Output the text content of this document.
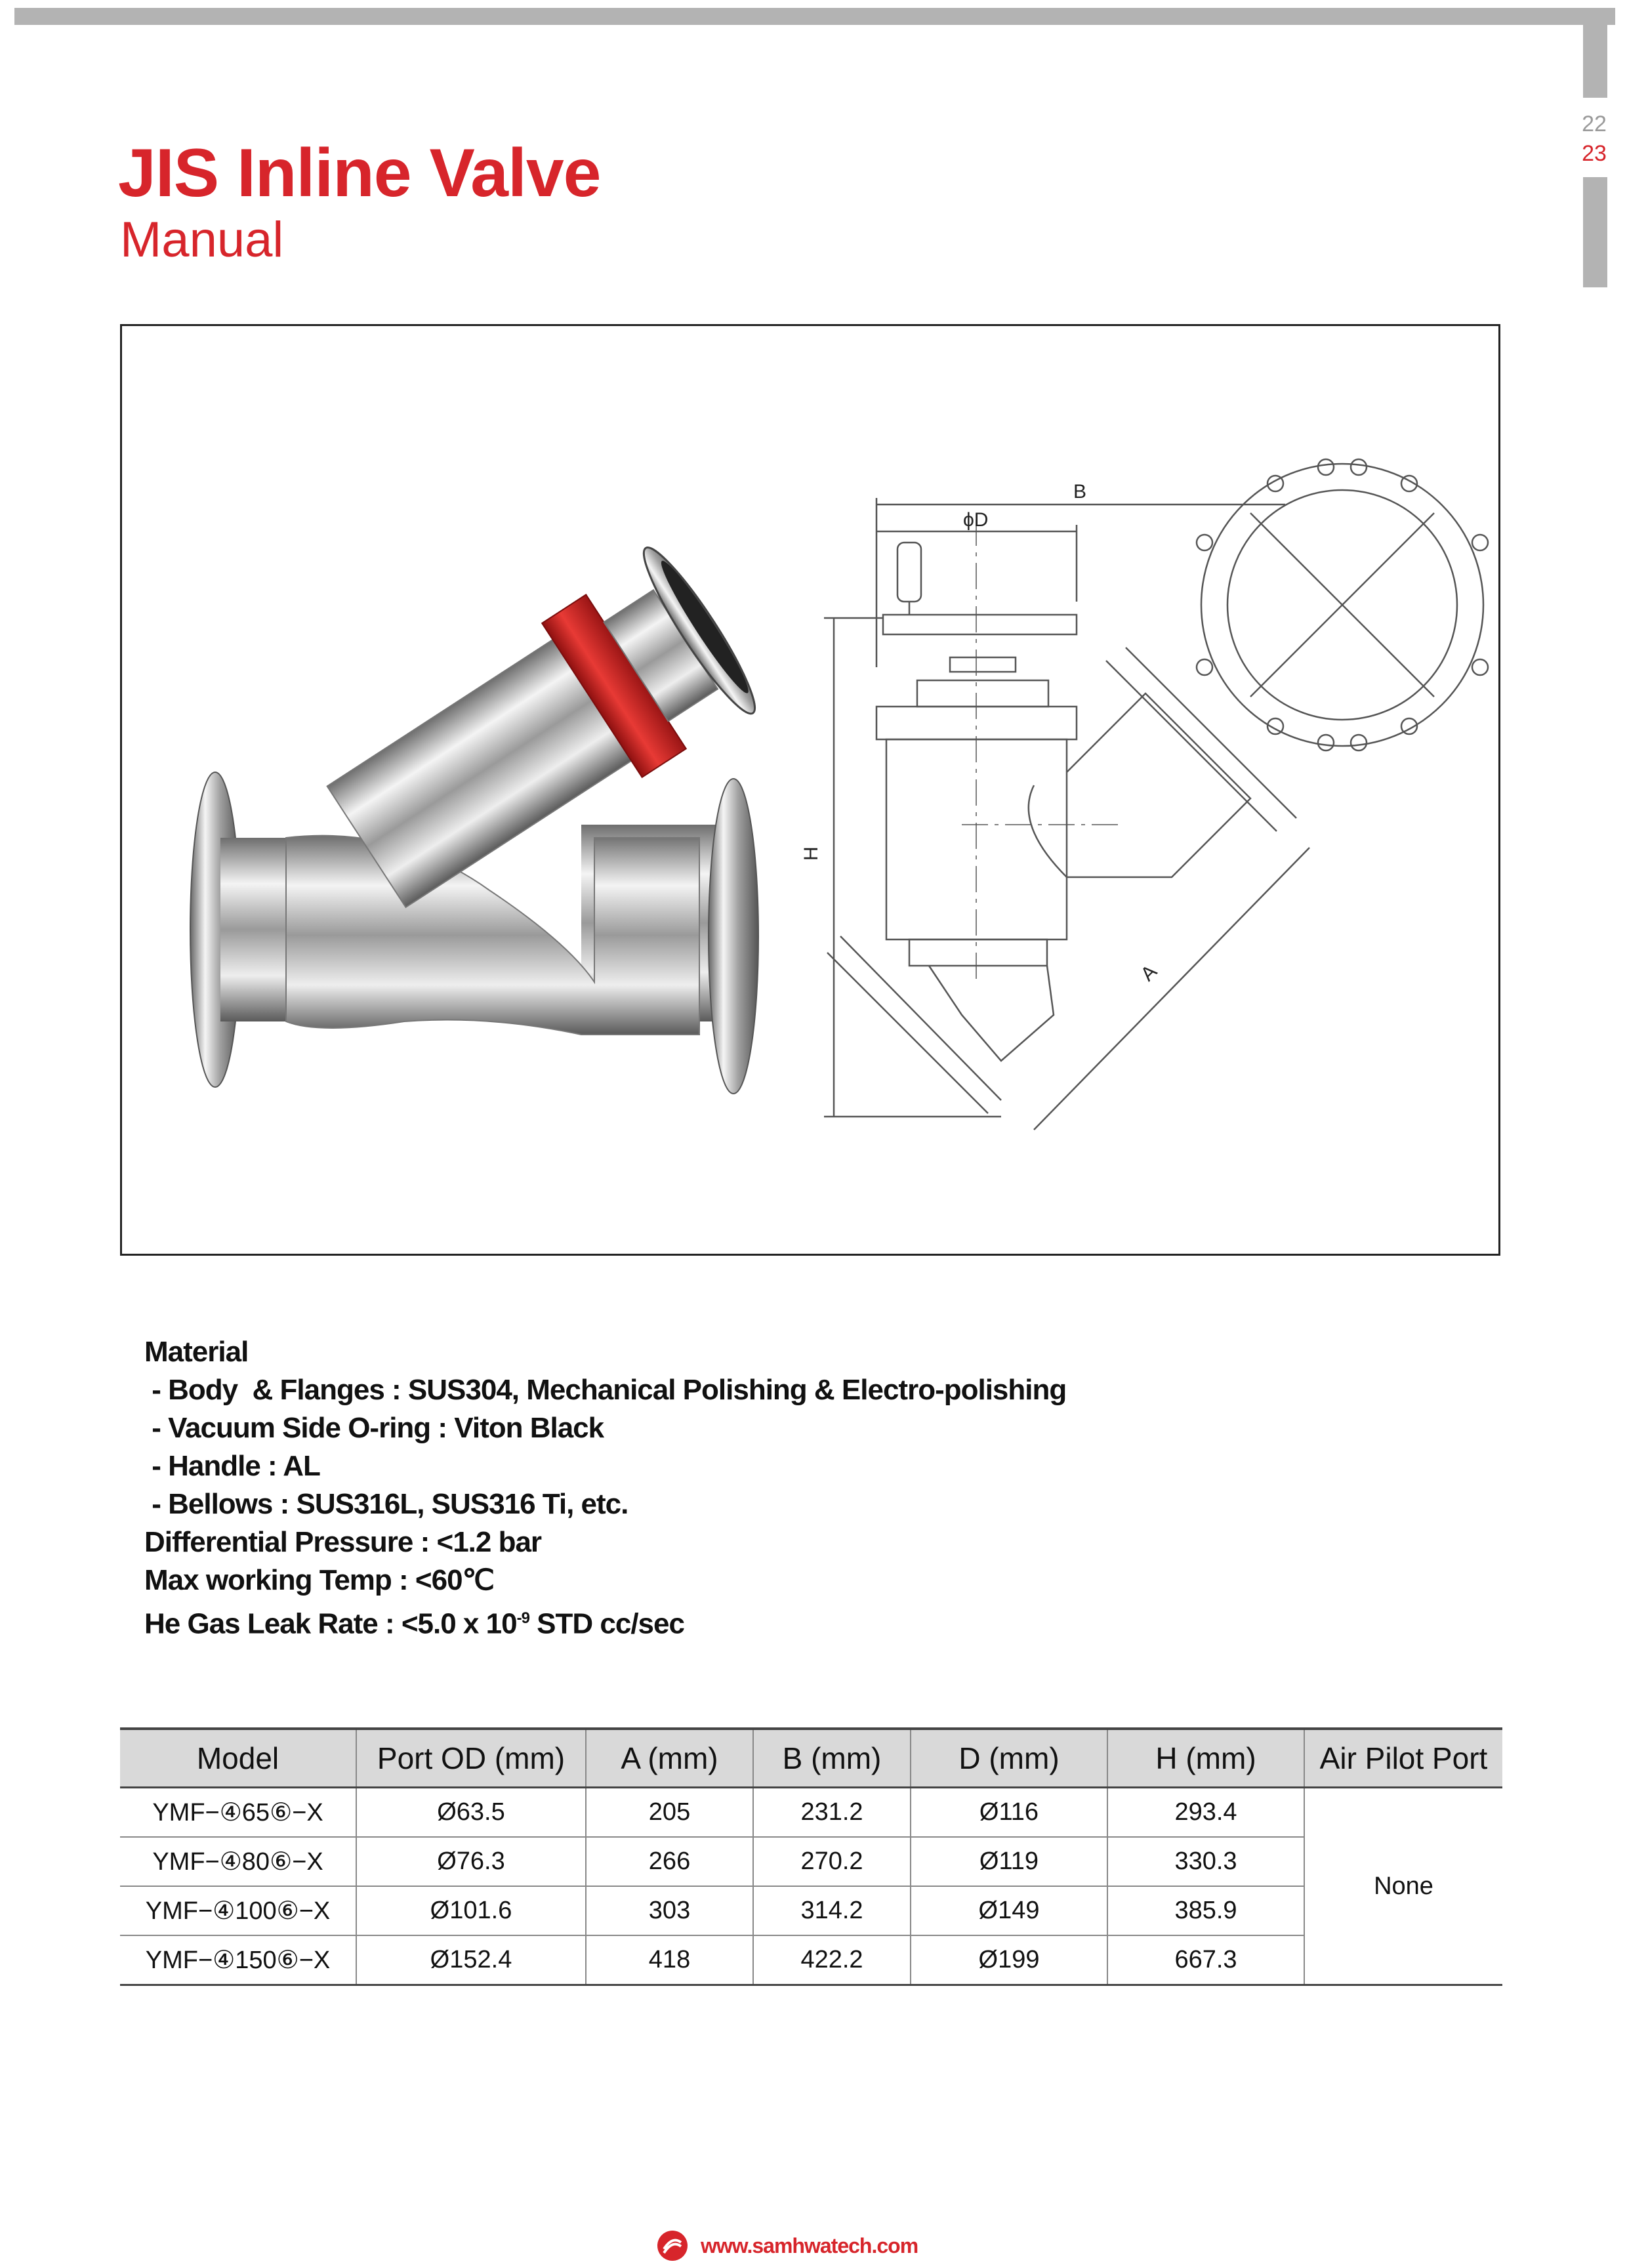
22
23
JIS Inline Valve
Manual
B
ϕD
H
A
Material
- Body  & Flanges : SUS304, Mechanical Polishing & Electro-polishing
- Vacuum Side O-ring : Viton Black
- Handle : AL
- Bellows : SUS316L, SUS316 Ti, etc.
Differential Pressure : <1.2 bar
Max working Temp : <60℃
He Gas Leak Rate : <5.0 x $10^{-9}$ STD cc/sec
Model	Port OD (mm)	A (mm)	B (mm)	D (mm)	H (mm)	Air Pilot Port
YMF−④65⑥−X	Ø63.5	205	231.2	Ø116	293.4	None
YMF−④80⑥−X	Ø76.3	266	270.2	Ø119	330.3	
YMF−④100⑥−X	Ø101.6	303	314.2	Ø149	385.9	
YMF−④150⑥−X	Ø152.4	418	422.2	Ø199	667.3	
www.samhwatech.com
